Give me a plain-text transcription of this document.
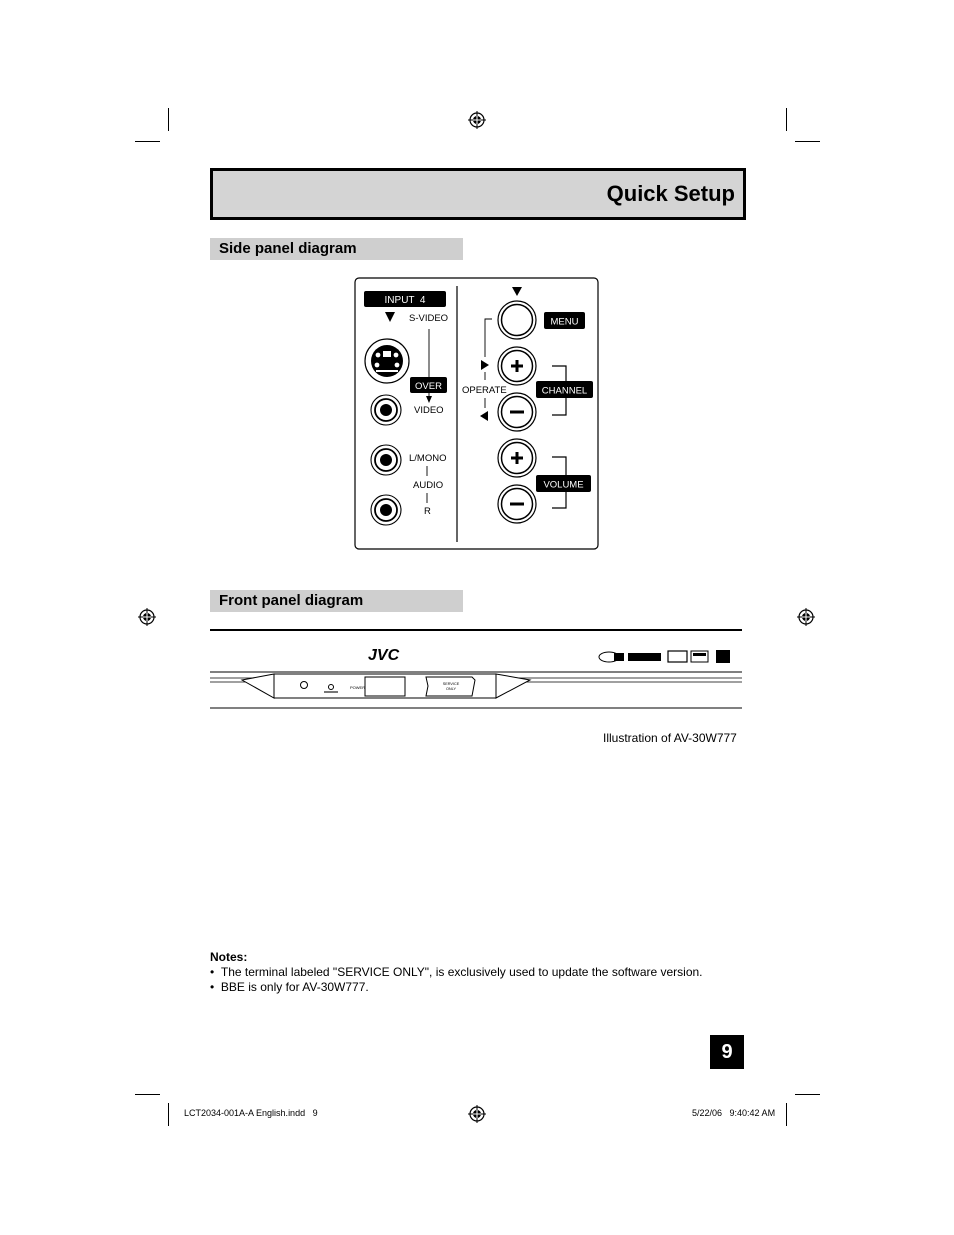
Quick Setup
Side panel diagram
INPUT  4
S-VIDEO
OVER
VIDEO
L/MONO
AUDIO
R
MENU
OPERATE	CHANNEL
VOLUME
Front panel diagram
JVC
POWER
SERVICE
ONLY
Illustration of AV-30W777
Notes:
•  The terminal labeled "SERVICE ONLY", is exclusively used to update the software version.
•  BBE is only for AV-30W777.
9
LCT2034-001A-A English.indd   9	5/22/06   9:40:42 AM
